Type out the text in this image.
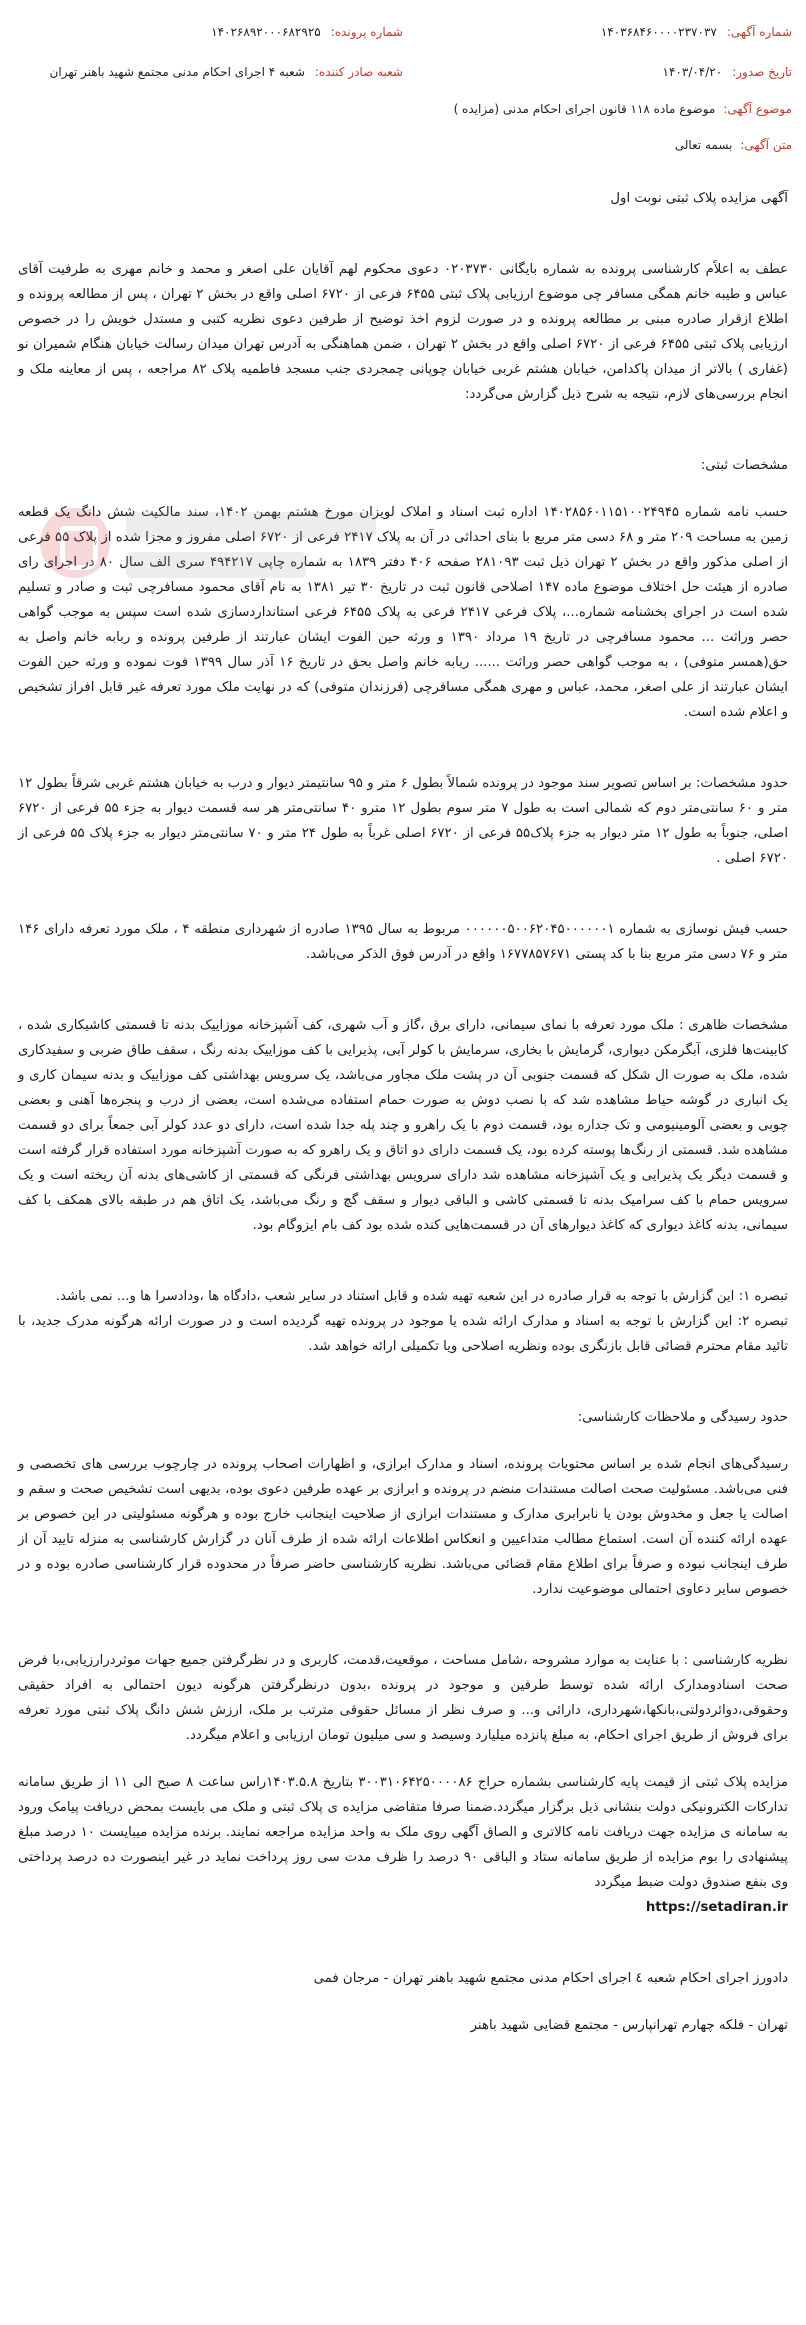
شماره آگهی:
۱۴۰۳۶۸۴۶۰۰۰۰۲۳۷۰۳۷
شماره پرونده:
۱۴۰۲۶۸۹۲۰۰۰۶۸۲۹۲۵
تاریخ صدور:
۱۴۰۳/۰۴/۲۰
شعبه صادر کننده:
شعبه ۴ اجرای احکام مدنی مجتمع شهید باهنر تهران
موضوع آگهی:
موضوع ماده ۱۱۸ قانون اجرای احکام مدنی (مزایده )
متن آگهی:
بسمه تعالی

آگهی مزایده پلاک ثبتی نوبت اول

عطف به اعلاًم کارشناسی پرونده به شماره بایگانی ۰۲۰۳۷۳۰ دعوی محکوم لهم آقایان علی اصغر و محمد و خانم مهری به طرفیت آقای عباس و طیبه خانم همگی مسافر چی موضوع ارزیابی پلاک ثبتی ۶۴۵۵ فرعی از ۶۷۲۰ اصلی واقع در بخش ۲ تهران ، پس از مطالعه پرونده و اطلاع ازقرار صادره مبنی بر مطالعه پرونده و در صورت لزوم اخذ توضیح از طرفین دعوی نظریه کتبی و مستدل خویش را در خصوص ارزیابی پلاک ثبتی ۶۴۵۵ فرعی از ۶۷۲۰ اصلی واقع در بخش ۲ تهران ، ضمن هماهنگی به آدرس تهران میدان رسالت خیابان هنگام شمیران نو (غفاری ) بالاتر از میدان پاکدامن، خیابان هشتم غربی خیابان چوپانی چمجردی جنب مسجد فاطمیه پلاک ۸۲ مراجعه ، پس از معاینه ملک و انجام بررسی‌های لازم، نتیجه به شرح ذیل گزارش می‌گردد:

مشخصات ثبتی:

حسب نامه شماره ۱۴۰۲۸۵۶۰۱۱۵۱۰۰۲۴۹۴۵ اداره ثبت اسناد و املاک لویزان مورخ هشتم بهمن ۱۴۰۲، سند مالکیت شش دانگ یک قطعه زمین به مساحت ۲۰۹ متر و ۶۸ دسی متر مربع با بنای احداثی در آن به پلاک ۲۴۱۷ فرعی از ۶۷۲۰ اصلی مفروز و مجزا شده از پلاک ۵۵ فرعی از اصلی مذکور واقع در بخش ۲ تهران ذیل ثبت ۲۸۱۰۹۳ صفحه ۴۰۶ دفتر ۱۸۳۹ به شماره چاپی ۴۹۴۲۱۷ سری الف سال ۸۰ در اجرای رای صادره از هیئت حل اختلاف موضوع ماده ۱۴۷ اصلاحی قانون ثبت در تاریخ ۳۰ تیر ۱۳۸۱ به نام آقای محمود مسافرچی ثبت و صادر و تسلیم شده است در اجرای بخشنامه شماره...، پلاک فرعی ۲۴۱۷ فرعی به پلاک ۶۴۵۵ فرعی استانداردسازی شده است سپس به موجب گواهی حصر وراثت ... محمود مسافرچی در تاریخ ۱۹ مرداد ۱۳۹۰ و ورثه حین الفوت ایشان عبارتند از طرفین پرونده و ربابه خانم واصل به حق(همسر متوفی) ، به موجب گواهی حصر وراثت ...... ربابه خانم واصل بحق در تاریخ ۱۶ آذر سال ۱۳۹۹ فوت نموده و ورثه حین الفوت ایشان عبارتند از علی اصغر، محمد، عباس و مهری همگی مسافرچی (فرزندان متوفی) که در نهایت ملک مورد تعرفه غیر قابل افراز تشخیص و اعلام شده است.

حدود مشخصات: بر اساس تصویر سند موجود در پرونده شمالاً بطول ۶ متر و ۹۵ سانتیمتر دیوار و درب به خیابان هشتم غربی شرقاً بطول ۱۲ متر و ۶۰ سانتی‌متر دوم که شمالی است به طول ۷ متر سوم بطول ۱۲ مترو ۴۰ سانتی‌متر هر سه قسمت دیوار به جزء ۵۵ فرعی از ۶۷۲۰ اصلی، جنوباً به طول ۱۲ متر دیوار به جزء پلاک۵۵ فرعی از ۶۷۲۰ اصلی غرباً به طول ۲۴ متر و ۷۰ سانتی‌متر دیوار به جزء پلاک ۵۵ فرعی از ۶۷۲۰ اصلی .

حسب فیش نوسازی به شماره ۰۰۰۰۰۰۵۰۰۶۲۰۴۵۰۰۰۰۰۰۱ مربوط به سال ۱۳۹۵ صادره از شهرداری منطقه ۴ ، ملک مورد تعرفه دارای ۱۴۶ متر و ۷۶ دسی متر مربع بنا با کد پستی ۱۶۷۷۸۵۷۶۷۱ واقع در آدرس فوق الذکر می‌باشد.

مشخصات ظاهری : ملک مورد تعرفه با نمای سیمانی، دارای برق ،گاز و آب شهری، کف آشپزخانه موزاییک بدنه تا قسمتی کاشیکاری شده ، کابینت‌ها فلزی، آبگرمکن دیواری، گرمایش با بخاری، سرمایش با کولر آبی، پذیرایی با کف موزاییک بدنه رنگ ، سقف طاق ضربی و سفیدکاری شده، ملک به صورت ال شکل که قسمت جنوبی آن در پشت ملک مجاور می‌باشد، یک سرویس بهداشتی کف موزاییک و بدنه سیمان کاری و یک انباری در گوشه حیاط مشاهده شد که با نصب دوش به صورت حمام استفاده می‌شده است، بعضی از درب و پنجره‌ها آهنی و بعضی چوبی و بعضی آلومینیومی و تک جداره بود، قسمت دوم با یک راهرو و چند پله جدا شده است، دارای دو عدد کولر آبی جمعاً برای دو قسمت مشاهده شد. قسمتی از رنگ‌ها پوسته کرده بود، یک قسمت دارای دو اتاق و یک راهرو که به صورت آشپزخانه مورد استفاده قرار گرفته است و قسمت دیگر یک پذیرایی و یک آشپزخانه مشاهده شد دارای سرویس بهداشتی فرنگی که قسمتی از کاشی‌های بدنه آن ریخته است و یک سرویس حمام با کف سرامیک بدنه تا قسمتی کاشی و الباقی دیوار و سقف گچ و رنگ می‌باشد، یک اتاق هم در طبقه بالای همکف با کف سیمانی، بدنه کاغذ دیواری که کاغذ دیوارهای آن در قسمت‌هایی کنده شده بود کف بام ایزوگام بود.

تبصره ۱: این گزارش با توجه به قرار صادره در این شعبه تهیه شده و قابل استناد در سایر شعب ،دادگاه ها ،ودادسرا ها و... نمی باشد.

تبصره ۲: این گزارش با توجه به اسناد و مدارک ارائه شده یا موجود در پرونده تهیه گردیده است و در صورت ارائه هرگونه مدرک جدید، با تائید مقام محترم قضائی قابل بازنگری بوده ونظریه اصلاحی ویا تکمیلی ارائه خواهد شد.

حدود رسیدگی و ملاحظات کارشناسی:

رسیدگی‌های انجام شده بر اساس محتویات پرونده، اسناد و مدارک ابرازی، و اظهارات اصحاب پرونده در چارچوب بررسی های تخصصی و فنی می‌باشد. مسئولیت صحت اصالت مستندات منضم در پرونده و ابرازی بر عهده طرفین دعوی بوده، بدیهی است تشخیص صحت و سقم و اصالت یا جعل و مخدوش بودن یا نابرابری مدارک و مستندات ابرازی از صلاحیت اینجانب خارج بوده و هرگونه مسئولیتی در این خصوص بر عهده ارائه کننده آن است. استماع مطالب متداعیین و انعکاس اطلاعات ارائه شده از طرف آنان در گزارش کارشناسی به منزله تایید آن از طرف اینجانب نبوده و صرفاً برای اطلاع مقام قضائی می‌باشد. نظریه کارشناسی حاضر صرفاً در محدوده قرار کارشناسی صادره بوده و در خصوص سایر دعاوی احتمالی موضوعیت ندارد.

نظریه کارشناسی : با عنایت به موارد مشروحه ،شامل مساحت ، موقعیت،قدمت، کاربری و در نظرگرفتن جمیع جهات موثردرارزیابی،با فرض صحت اسنادومدارک ارائه شده توسط طرفین و موجود در پرونده ،بدون درنظرگرفتن هرگونه دیون احتمالی به افراد حقیقی وحقوقی،دوائردولتی،بانکها،شهرداری، دارائی و... و صرف نظر از مسائل حقوقی مترتب بر ملک، ارزش شش دانگ پلاک ثبتی مورد تعرفه برای فروش از طریق اجرای احکام، به مبلغ پانزده میلیارد وسیصد و سی میلیون تومان ارزیابی و اعلام میگردد.

مزایده پلاک ثبتی از قیمت پایه کارشناسی بشماره حراج ۳۰۰۳۱۰۶۴۲۵۰۰۰۰۸۶ بتاریخ ۱۴۰۳.۵.۸راس ساعت ۸ صبح الی ۱۱ از طریق سامانه تدارکات الکترونیکی دولت بنشانی ذیل برگزار میگردد.ضمنا صرفا متقاضی مزایده ی پلاک ثبتی و ملک می بایست بمحض دریافت پیامک ورود به سامانه ی مزایده جهت دریافت نامه کالاتری و الصاق آگهی روی ملک به واحد مزایده مراجعه نمایند. برنده مزایده میبایست ۱۰ درصد مبلغ پیشنهادی را بوم مزایده از طریق سامانه ستاد و الباقی ۹۰ درصد را ظرف مدت سی روز پرداخت نماید در غیر اینصورت ده درصد پرداختی وی بنفع صندوق دولت ضبط میگردد

https://setadiran.ir

دادورز اجرای احکام شعبه ٤ اجرای احکام مدنی مجتمع شهید باهنر تهران - مرجان فمی

تهران - فلکه چهارم تهرانپارس - مجتمع قضایی شهید باهنر
